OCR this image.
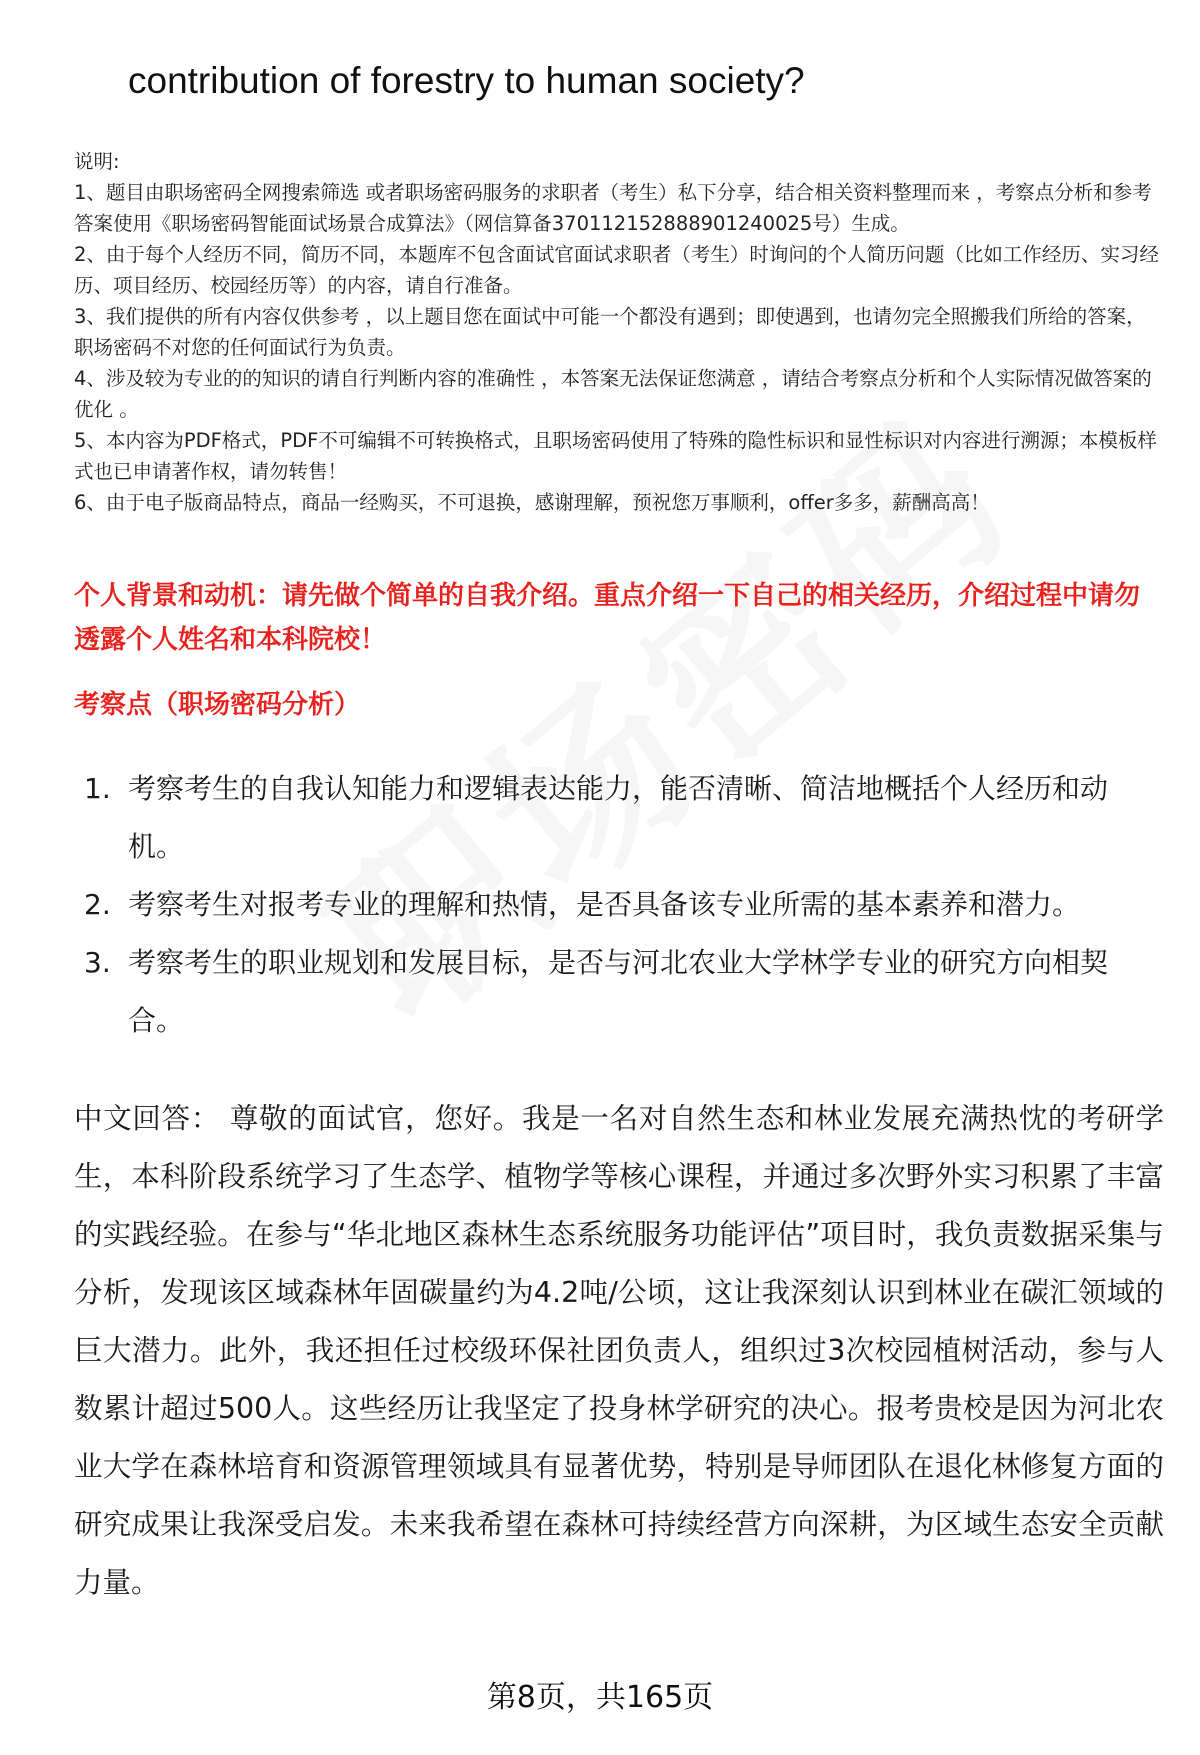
contribution of forestry to human society?

说明:

1、题目由职场密码全网搜索筛选 或者职场密码服务的求职者（考生）私下分享，结合相关资料整理而来 ，考察点分析和参考答案使用《职场密码智能面试场景合成算法》（网信算备370112152888901240025号）生成。

2、由于每个人经历不同，简历不同，本题库不包含面试官面试求职者（考生）时询问的个人简历问题（比如工作经历、实习经历、项目经历、校园经历等）的内容，请自行准备。

3、我们提供的所有内容仅供参考 ，以上题目您在面试中可能一个都没有遇到；即使遇到，也请勿完全照搬我们所给的答案，职场密码不对您的任何面试行为负责。

4、涉及较为专业的的知识的请自行判断内容的准确性 ，本答案无法保证您满意 ，请结合考察点分析和个人实际情况做答案的优化 。

5、本内容为PDF格式，PDF不可编辑不可转换格式，且职场密码使用了特殊的隐性标识和显性标识对内容进行溯源；本模板样式也已申请著作权，请勿转售！

6、由于电子版商品特点，商品一经购买，不可退换，感谢理解，预祝您万事顺利，offer多多，薪酬高高！

个人背景和动机：请先做个简单的自我介绍。重点介绍一下自己的相关经历，介绍过程中请勿透露个人姓名和本科院校！
考察点（职场密码分析）
1. 考察考生的自我认知能力和逻辑表达能力，能否清晰、简洁地概括个人经历和动机。
2. 考察考生对报考专业的理解和热情，是否具备该专业所需的基本素养和潜力。
3. 考察考生的职业规划和发展目标，是否与河北农业大学林学专业的研究方向相契合。

中文回答： 尊敬的面试官，您好。我是一名对自然生态和林业发展充满热忱的考研学生，本科阶段系统学习了生态学、植物学等核心课程，并通过多次野外实习积累了丰富的实践经验。在参与“华北地区森林生态系统服务功能评估”项目时，我负责数据采集与分析，发现该区域森林年固碳量约为4.2吨/公顷，这让我深刻认识到林业在碳汇领域的巨大潜力。此外，我还担任过校级环保社团负责人，组织过3次校园植树活动，参与人数累计超过500人。这些经历让我坚定了投身林学研究的决心。报考贵校是因为河北农业大学在森林培育和资源管理领域具有显著优势，特别是导师团队在退化林修复方面的研究成果让我深受启发。未来我希望在森林可持续经营方向深耕，为区域生态安全贡献力量。

第8页，共165页
